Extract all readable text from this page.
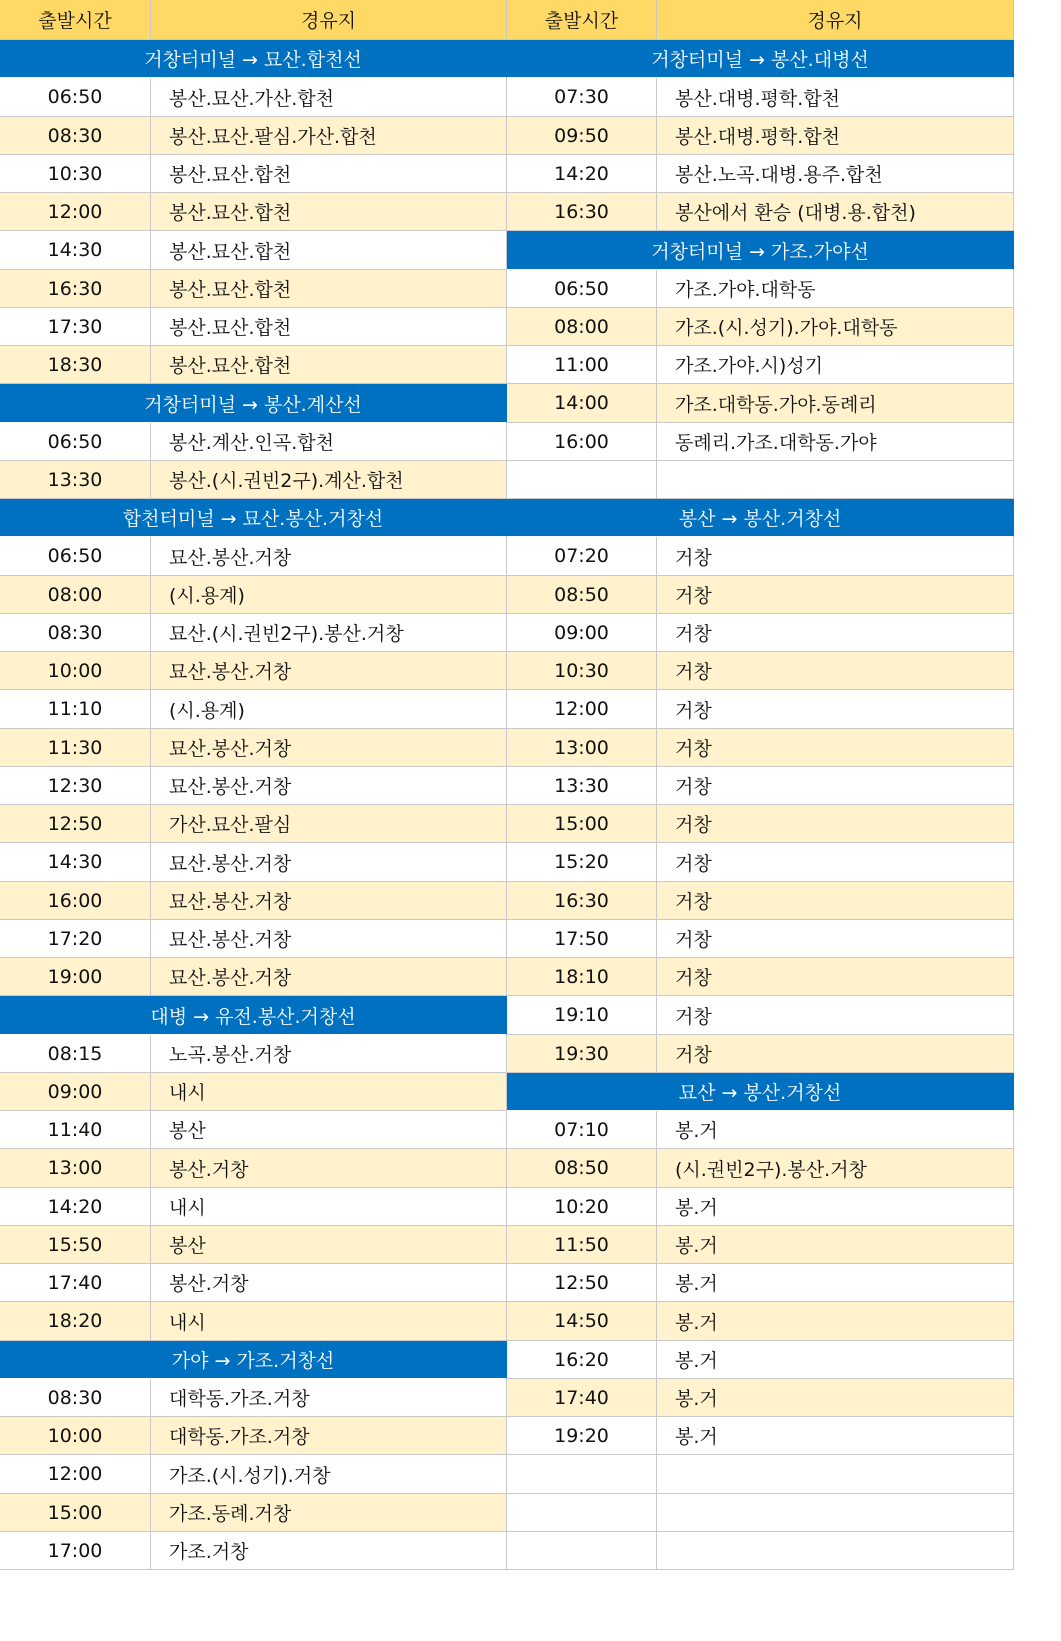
출발시간	경유지	출발시간	경유지
거창터미널 → 묘산.합천선
06:50	봉산.묘산.가산.합천
08:30	봉산.묘산.팔심.가산.합천
10:30	봉산.묘산.합천
12:00	봉산.묘산.합천
14:30	봉산.묘산.합천
16:30	봉산.묘산.합천
17:30	봉산.묘산.합천
18:30	봉산.묘산.합천
거창터미널 → 봉산.계산선
06:50	봉산.계산.인곡.합천
13:30	봉산.(시.권빈2구).계산.합천
합천터미널 → 묘산.봉산.거창선
06:50	묘산.봉산.거창
08:00	(시.용계)
08:30	묘산.(시.권빈2구).봉산.거창
10:00	묘산.봉산.거창
11:10	(시.용계)
11:30	묘산.봉산.거창
12:30	묘산.봉산.거창
12:50	가산.묘산.팔심
14:30	묘산.봉산.거창
16:00	묘산.봉산.거창
17:20	묘산.봉산.거창
19:00	묘산.봉산.거창
대병 → 유전.봉산.거창선
08:15	노곡.봉산.거창
09:00	내시
11:40	봉산
13:00	봉산.거창
14:20	내시
15:50	봉산
17:40	봉산.거창
18:20	내시
가야 → 가조.거창선
08:30	대학동.가조.거창
10:00	대학동.가조.거창
12:00	가조.(시.성기).거창
15:00	가조.동례.거창
17:00	가조.거창
거창터미널 → 봉산.대병선
07:30	봉산.대병.평학.합천
09:50	봉산.대병.평학.합천
14:20	봉산.노곡.대병.용주.합천
16:30	봉산에서 환승 (대병.용.합천)
거창터미널 → 가조.가야선
06:50	가조.가야.대학동
08:00	가조.(시.성기).가야.대학동
11:00	가조.가야.시)성기
14:00	가조.대학동.가야.동례리
16:00	동례리.가조.대학동.가야
봉산 → 봉산.거창선
07:20	거창
08:50	거창
09:00	거창
10:30	거창
12:00	거창
13:00	거창
13:30	거창
15:00	거창
15:20	거창
16:30	거창
17:50	거창
18:10	거창
19:10	거창
19:30	거창
묘산 → 봉산.거창선
07:10	봉.거
08:50	(시.권빈2구).봉산.거창
10:20	봉.거
11:50	봉.거
12:50	봉.거
14:50	봉.거
16:20	봉.거
17:40	봉.거
19:20	봉.거
